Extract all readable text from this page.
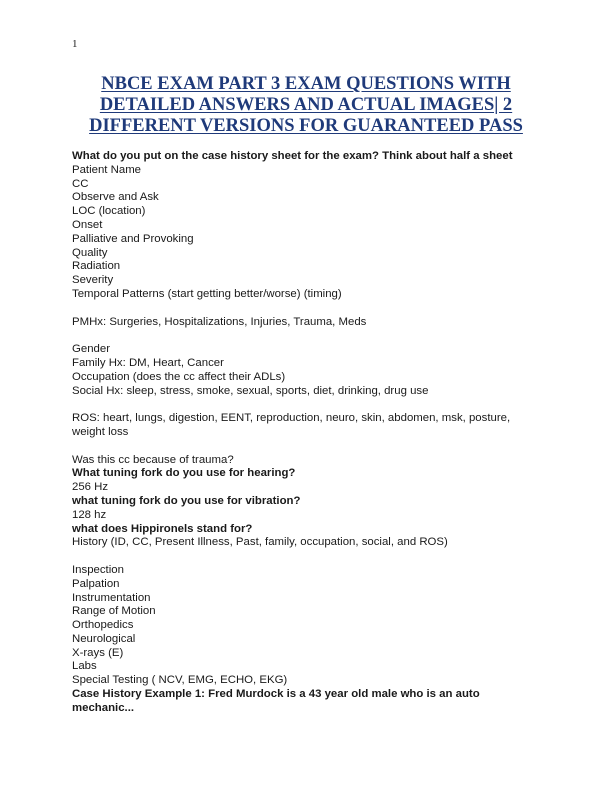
1
NBCE EXAM PART 3 EXAM QUESTIONS WITH DETAILED ANSWERS AND ACTUAL IMAGES| 2 DIFFERENT VERSIONS FOR GUARANTEED PASS
What do you put on the case history sheet for the exam? Think about half a sheet
Patient Name
CC
Observe and Ask
LOC (location)
Onset
Palliative and Provoking
Quality
Radiation
Severity
Temporal Patterns (start getting better/worse) (timing)
PMHx: Surgeries, Hospitalizations, Injuries, Trauma, Meds
Gender
Family Hx: DM, Heart, Cancer
Occupation (does the cc affect their ADLs)
Social Hx: sleep, stress, smoke, sexual, sports, diet, drinking, drug use
ROS: heart, lungs, digestion, EENT, reproduction, neuro, skin, abdomen, msk, posture, weight loss
Was this cc because of trauma?
What tuning fork do you use for hearing?
256 Hz
what tuning fork do you use for vibration?
128 hz
what does Hippironels stand for?
History (ID, CC, Present Illness, Past, family, occupation, social, and ROS)
Inspection
Palpation
Instrumentation
Range of Motion
Orthopedics
Neurological
X-rays (E)
Labs
Special Testing ( NCV, EMG, ECHO, EKG)
Case History Example 1: Fred Murdock is a 43 year old male who is an auto mechanic...
